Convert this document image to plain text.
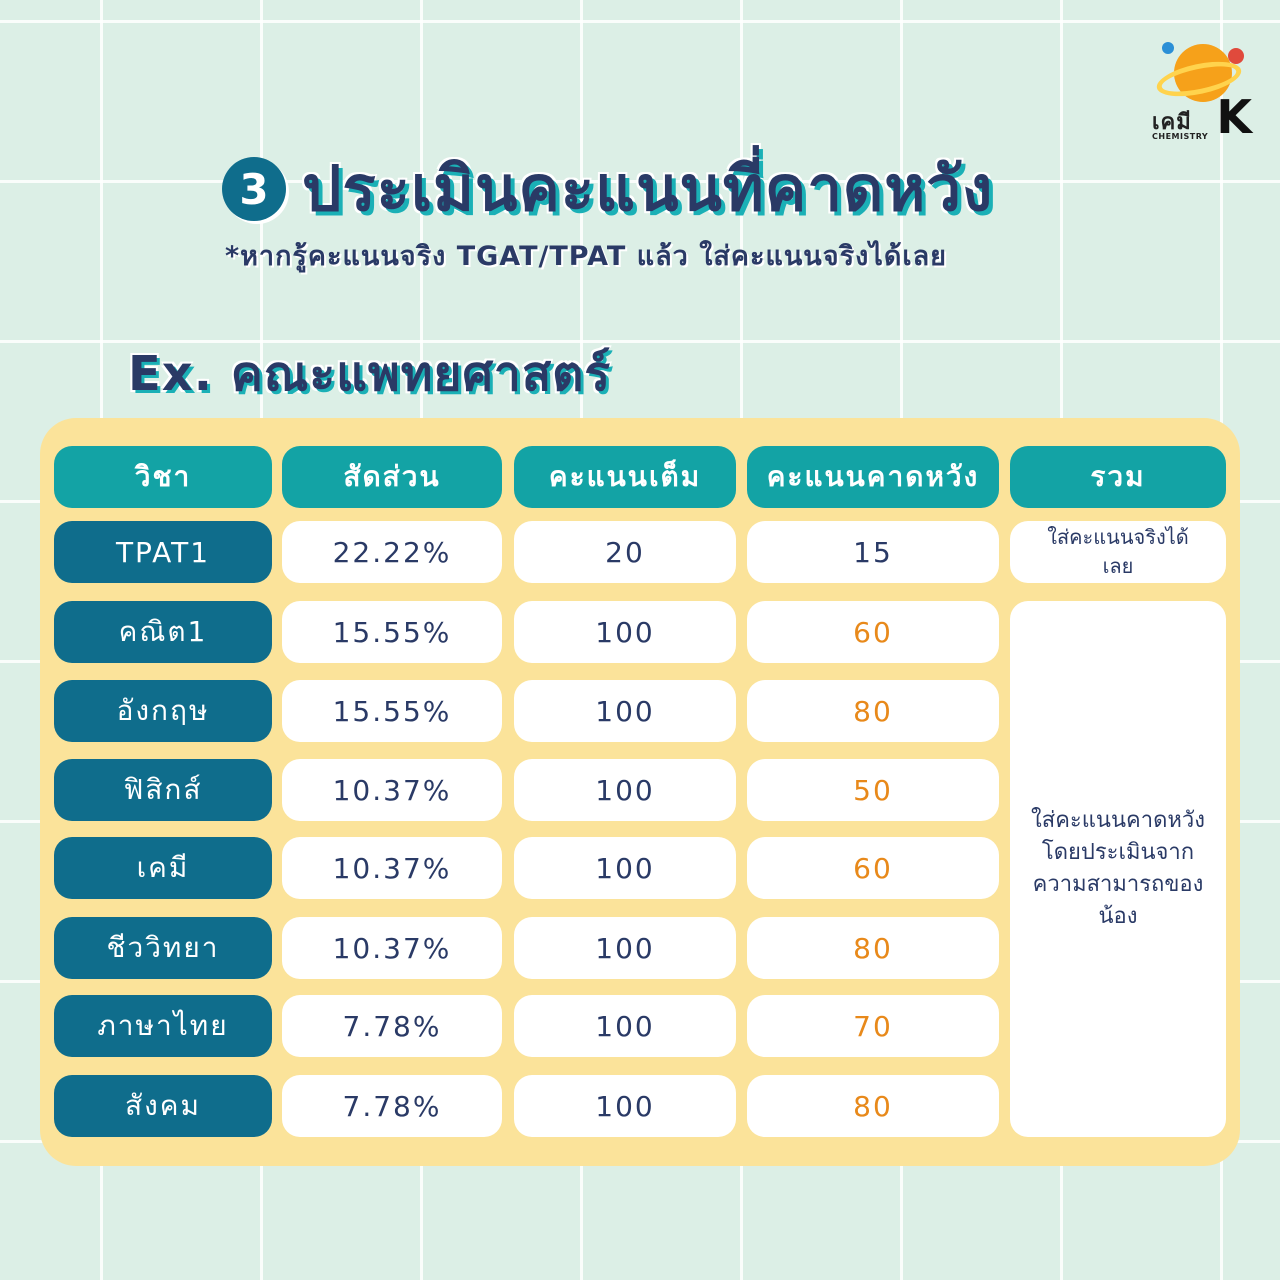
เคมี K
CHEMISTRY
3 ประเมินคะแนนที่คาดหวัง
*หากรู้คะแนนจริง TGAT/TPAT แล้ว ใส่คะแนนจริงได้เลย
Ex. คณะแพทยศาสตร์
วิชา	สัดส่วน	คะแนนเต็ม	คะแนนคาดหวัง	รวม
TPAT1	22.22%	20	15	ใส่คะแนนจริงได้เลย
คณิต1	15.55%	100	60
อังกฤษ	15.55%	100	80
ฟิสิกส์	10.37%	100	50
เคมี	10.37%	100	60
ชีววิทยา	10.37%	100	80
ภาษาไทย	7.78%	100	70
สังคม	7.78%	100	80
ใส่คะแนนคาดหวังโดยประเมินจากความสามารถของน้อง
